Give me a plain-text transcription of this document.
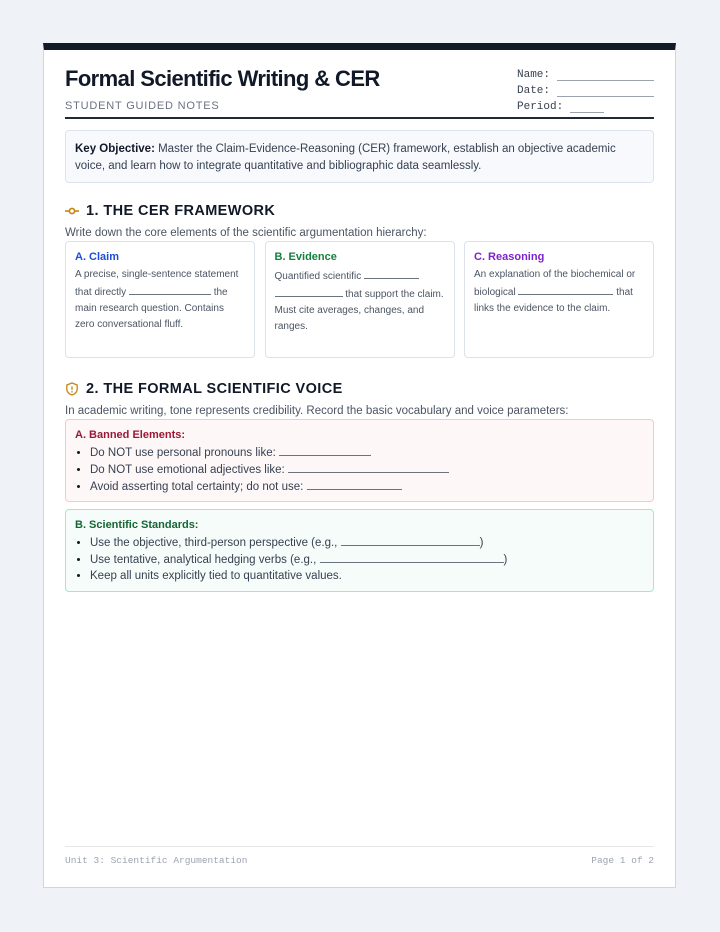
Formal Scientific Writing & CER
STUDENT GUIDED NOTES
Name:
Date:
Period:
Key Objective: Master the Claim-Evidence-Reasoning (CER) framework, establish an objective academic voice, and learn how to integrate quantitative and bibliographic data seamlessly.
1. THE CER FRAMEWORK
Write down the core elements of the scientific argumentation hierarchy:
A. Claim
A precise, single-sentence statement that directly	the main research question. Contains zero conversational fluff.
B. Evidence
Quantified scientific   that support the claim. Must cite averages, changes, and ranges.
C. Reasoning
An explanation of the biochemical or biological	that links the evidence to the claim.
2. THE FORMAL SCIENTIFIC VOICE
In academic writing, tone represents credibility. Record the basic vocabulary and voice parameters:
A. Banned Elements:
• Do NOT use personal pronouns like:
• Do NOT use emotional adjectives like:
• Avoid asserting total certainty; do not use:
B. Scientific Standards:
• Use the objective, third-person perspective (e.g.,	)
• Use tentative, analytical hedging verbs (e.g.,	)
• Keep all units explicitly tied to quantitative values.
Unit 3: Scientific Argumentation	Page 1 of 2
